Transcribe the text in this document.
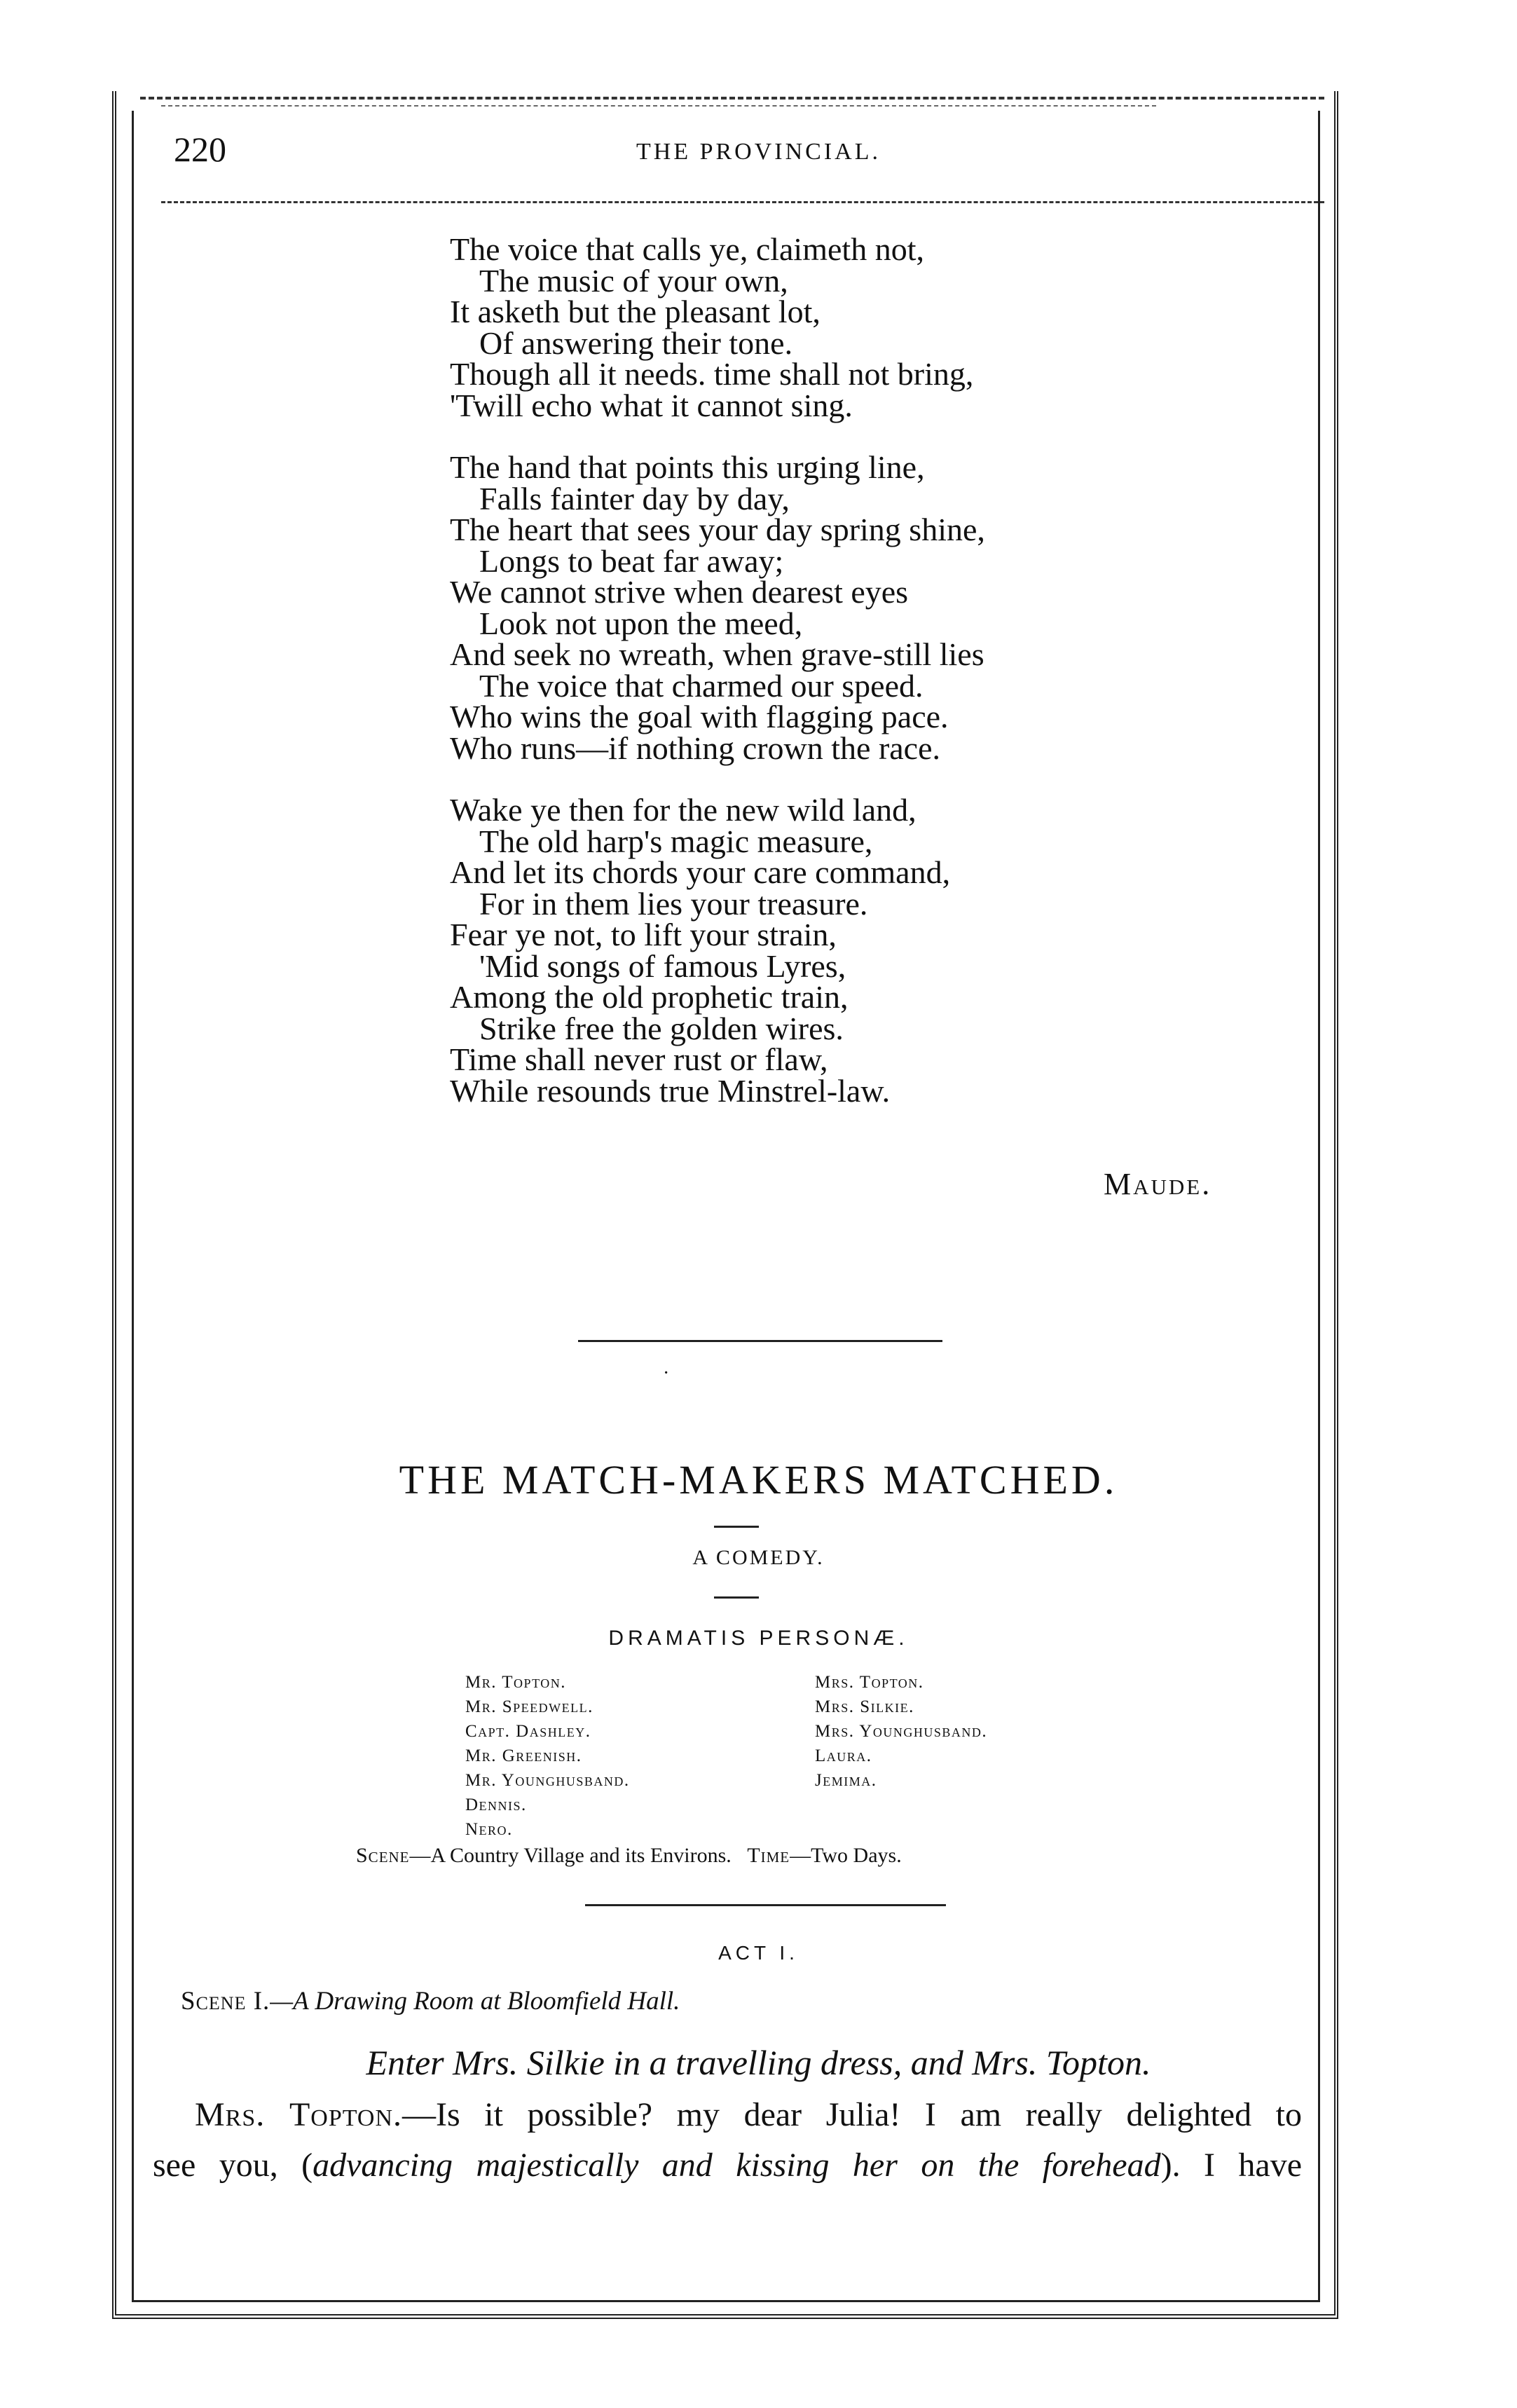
220	THE PROVINCIAL.
The voice that calls ye, claimeth not,
The music of your own,
It asketh but the pleasant lot,
Of answering their tone.
Though all it needs. time shall not bring,
'Twill echo what it cannot sing.
The hand that points this urging line,
Falls fainter day by day,
The heart that sees your day spring shine,
Longs to beat far away;
We cannot strive when dearest eyes
Look not upon the meed,
And seek no wreath, when grave-still lies
The voice that charmed our speed.
Who wins the goal with flagging pace.
Who runs—if nothing crown the race.
Wake ye then for the new wild land,
The old harp's magic measure,
And let its chords your care command,
For in them lies your treasure.
Fear ye not, to lift your strain,
'Mid songs of famous Lyres,
Among the old prophetic train,
Strike free the golden wires.
Time shall never rust or flaw,
While resounds true Minstrel-law.
Maude.
·
THE MATCH-MAKERS MATCHED.
A COMEDY.
DRAMATIS PERSONÆ.
Mr. Topton.
Mr. Speedwell.
Capt. Dashley.
Mr. Greenish.
Mr. Younghusband.
Dennis.
Nero.
Mrs. Topton.
Mrs. Silkie.
Mrs. Younghusband.
Laura.
Jemima.
Scene—A Country Village and its Environs. Time—Two Days.
ACT I.
Scene I.—A Drawing Room at Bloomfield Hall.
Enter Mrs. Silkie in a travelling dress, and Mrs. Topton.
Mrs. Topton.—Is it possible? my dear Julia! I am really delighted to
see you, (advancing majestically and kissing her on the forehead). I have
